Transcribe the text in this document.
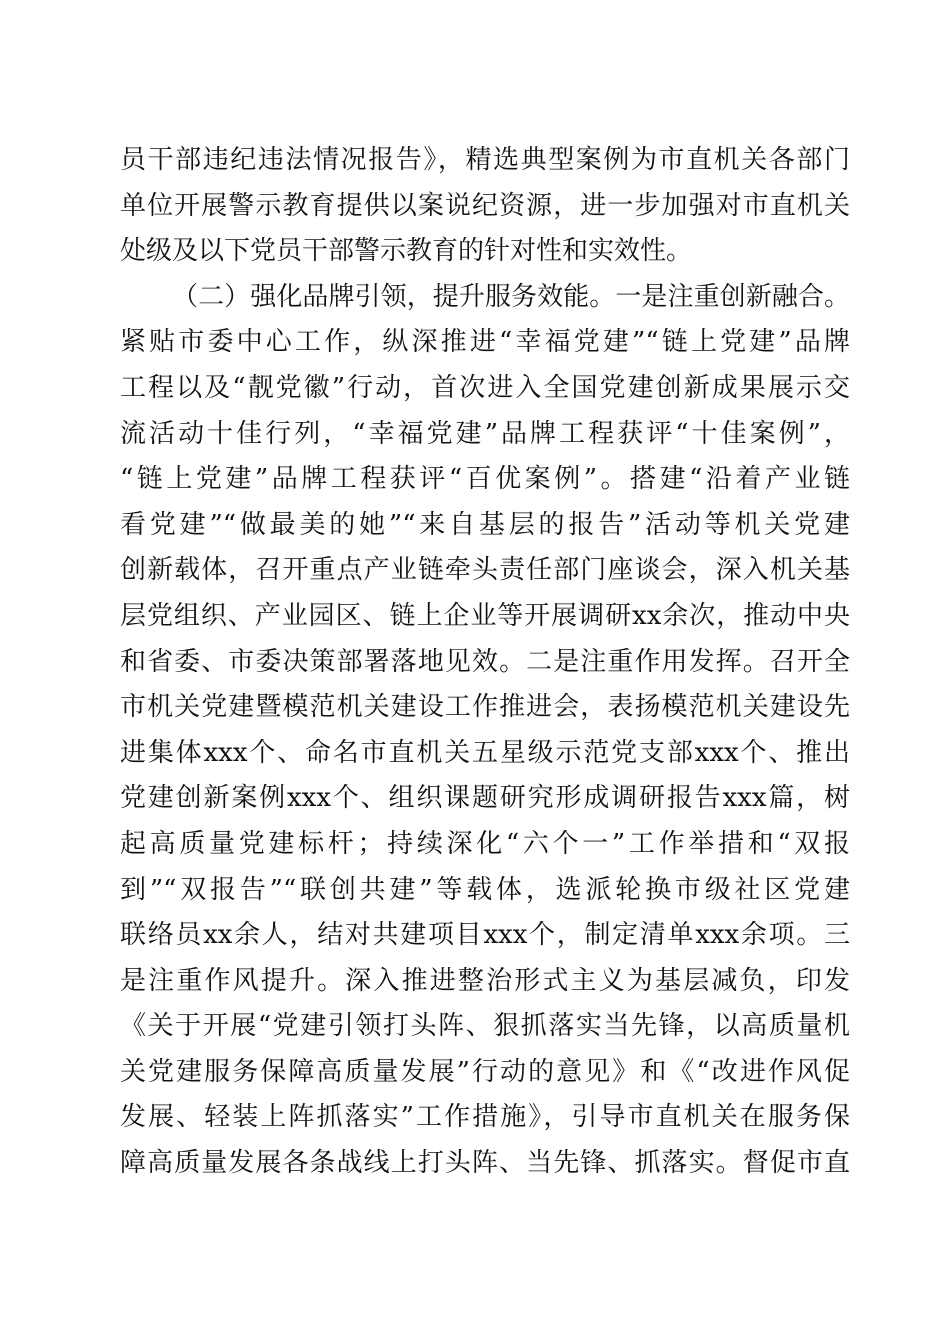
员干部违纪违法情况报告》，精选典型案例为市直机关各部门
单位开展警示教育提供以案说纪资源，进一步加强对市直机关
处级及以下党员干部警示教育的针对性和实效性。
（二）强化品牌引领，提升服务效能。一是注重创新融合。
紧贴市委中心工作，纵深推进“幸福党建”“链上党建”品牌
工程以及“靓党徽”行动，首次进入全国党建创新成果展示交
流活动十佳行列，“幸福党建”品牌工程获评“十佳案例”，
“链上党建”品牌工程获评“百优案例”。搭建“沿着产业链
看党建”“做最美的她”“来自基层的报告”活动等机关党建
创新载体，召开重点产业链牵头责任部门座谈会，深入机关基
层党组织、产业园区、链上企业等开展调研xx余次，推动中央
和省委、市委决策部署落地见效。二是注重作用发挥。召开全
市机关党建暨模范机关建设工作推进会，表扬模范机关建设先
进集体xxx个、命名市直机关五星级示范党支部xxx个、推出
党建创新案例xxx个、组织课题研究形成调研报告xxx篇，树
起高质量党建标杆；持续深化“六个一”工作举措和“双报
到”“双报告”“联创共建”等载体，选派轮换市级社区党建
联络员xx余人，结对共建项目xxx个，制定清单xxx余项。三
是注重作风提升。深入推进整治形式主义为基层减负，印发
《关于开展“党建引领打头阵、狠抓落实当先锋，以高质量机
关党建服务保障高质量发展”行动的意见》和《“改进作风促
发展、轻装上阵抓落实”工作措施》，引导市直机关在服务保
障高质量发展各条战线上打头阵、当先锋、抓落实。督促市直
